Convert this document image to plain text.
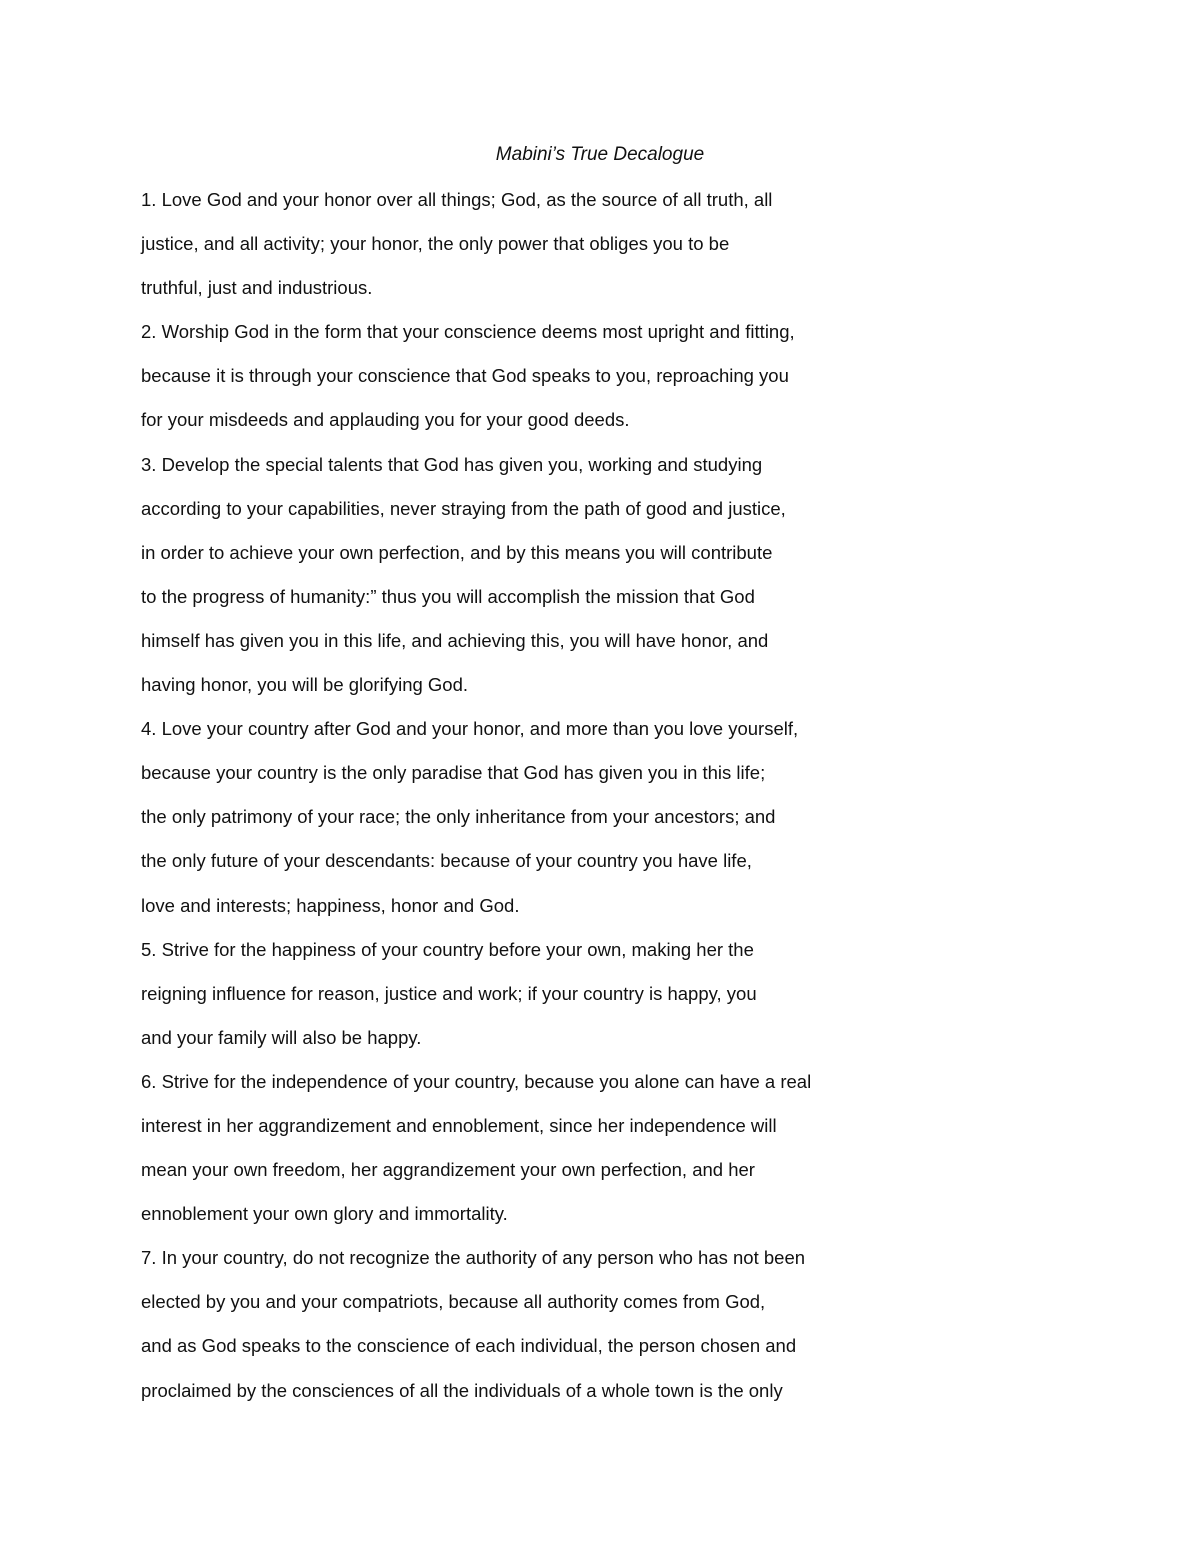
Mabini’s True Decalogue
1. Love God and your honor over all things; God, as the source of all truth, all
justice, and all activity; your honor, the only power that obliges you to be
truthful, just and industrious.
2. Worship God in the form that your conscience deems most upright and fitting,
because it is through your conscience that God speaks to you, reproaching you
for your misdeeds and applauding you for your good deeds.
3. Develop the special talents that God has given you, working and studying
according to your capabilities, never straying from the path of good and justice,
in order to achieve your own perfection, and by this means you will contribute
to the progress of humanity:” thus you will accomplish the mission that God
himself has given you in this life, and achieving this, you will have honor, and
having honor, you will be glorifying God.
4. Love your country after God and your honor, and more than you love yourself,
because your country is the only paradise that God has given you in this life;
the only patrimony of your race; the only inheritance from your ancestors; and
the only future of your descendants: because of your country you have life,
love and interests; happiness, honor and God.
5. Strive for the happiness of your country before your own, making her the
reigning influence for reason, justice and work; if your country is happy, you
and your family will also be happy.
6. Strive for the independence of your country, because you alone can have a real
interest in her aggrandizement and ennoblement, since her independence will
mean your own freedom, her aggrandizement your own perfection, and her
ennoblement your own glory and immortality.
7. In your country, do not recognize the authority of any person who has not been
elected by you and your compatriots, because all authority comes from God,
and as God speaks to the conscience of each individual, the person chosen and
proclaimed by the consciences of all the individuals of a whole town is the only
